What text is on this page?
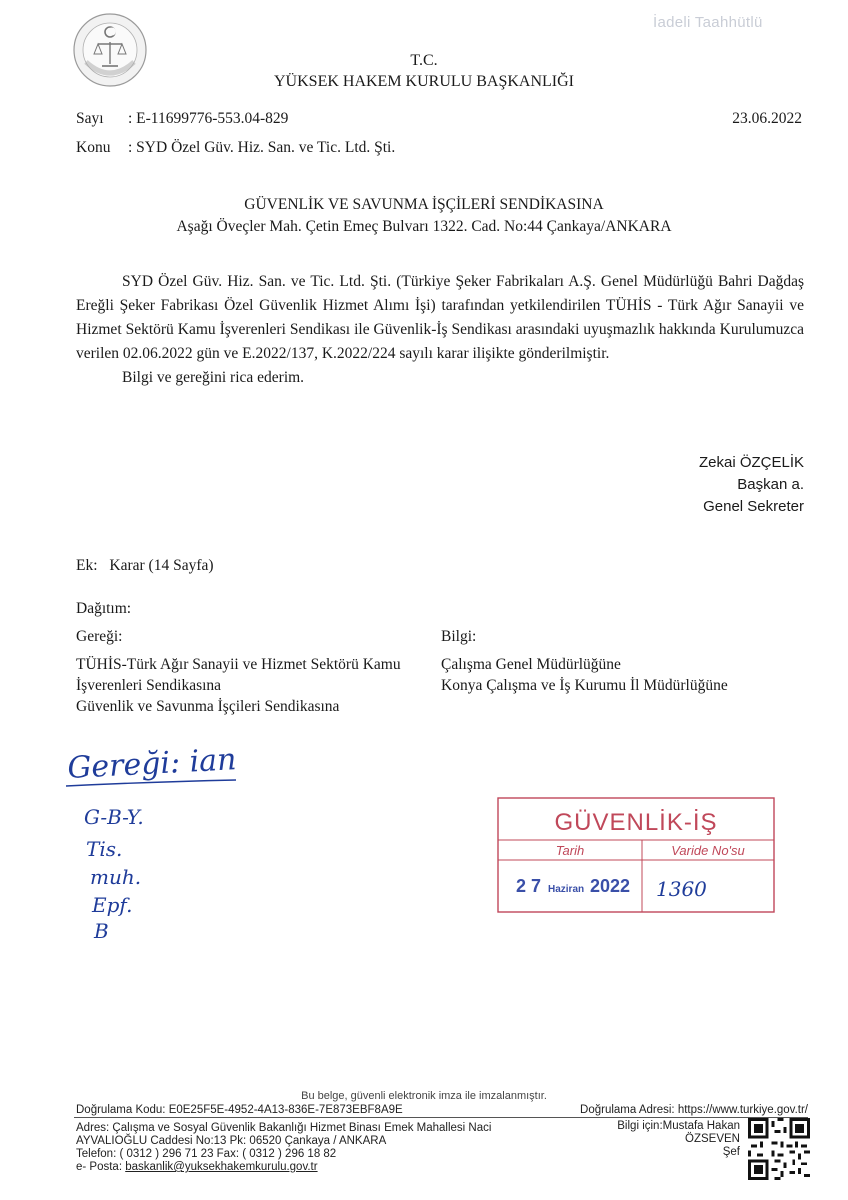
İadeli Taahhütlü
T.C.
YÜKSEK HAKEM KURULU BAŞKANLIĞI
Sayı : E-11699776-553.04-829	23.06.2022
Konu : SYD Özel Güv. Hiz. San. ve Tic. Ltd. Şti.
GÜVENLİK VE SAVUNMA İŞÇİLERİ SENDİKASINA
Aşağı Öveçler Mah. Çetin Emeç Bulvarı 1322. Cad. No:44 Çankaya/ANKARA

SYD Özel Güv. Hiz. San. ve Tic. Ltd. Şti. (Türkiye Şeker Fabrikaları A.Ş. Genel Müdürlüğü Bahri Dağdaş Ereğli Şeker Fabrikası Özel Güvenlik Hizmet Alımı İşi) tarafından yetkilendirilen TÜHİS - Türk Ağır Sanayii ve Hizmet Sektörü Kamu İşverenleri Sendikası ile Güvenlik-İş Sendikası arasındaki uyuşmazlık hakkında Kurulumuzca verilen 02.06.2022 gün ve E.2022/137, K.2022/224 sayılı karar ilişikte gönderilmiştir.

Bilgi ve gereğini rica ederim.

Zekai ÖZÇELİK
Başkan a.
Genel Sekreter
Ek: Karar (14 Sayfa)
Dağıtım:
Gereği:	Bilgi:
TÜHİS-Türk Ağır Sanayii ve Hizmet Sektörü Kamu
İşverenleri Sendikasına
Güvenlik ve Savunma İşçileri Sendikasına
Çalışma Genel Müdürlüğüne
Konya Çalışma ve İş Kurumu İl Müdürlüğüne
Gereği: ian
G-B-Y.
Tis.
muh.
Epf.
B
GÜVENLİK-İŞ
Tarih	Varide No'su
2 7 Haziran 2022 1360
Bu belge, güvenli elektronik imza ile imzalanmıştır.
Doğrulama Kodu: E0E25F5E-4952-4A13-836E-7E873EBF8A9E	Doğrulama Adresi: https://www.turkiye.gov.tr/
Adres: Çalışma ve Sosyal Güvenlik Bakanlığı Hizmet Binası Emek Mahallesi Naci
AYVALIOĞLU Caddesi No:13 Pk: 06520 Çankaya / ANKARA
Telefon: ( 0312 ) 296 71 23 Fax: ( 0312 ) 296 18 82
e- Posta: baskanlik@yuksekhakemkurulu.gov.tr
Bilgi için:Mustafa Hakan
ÖZSEVEN
Şef
